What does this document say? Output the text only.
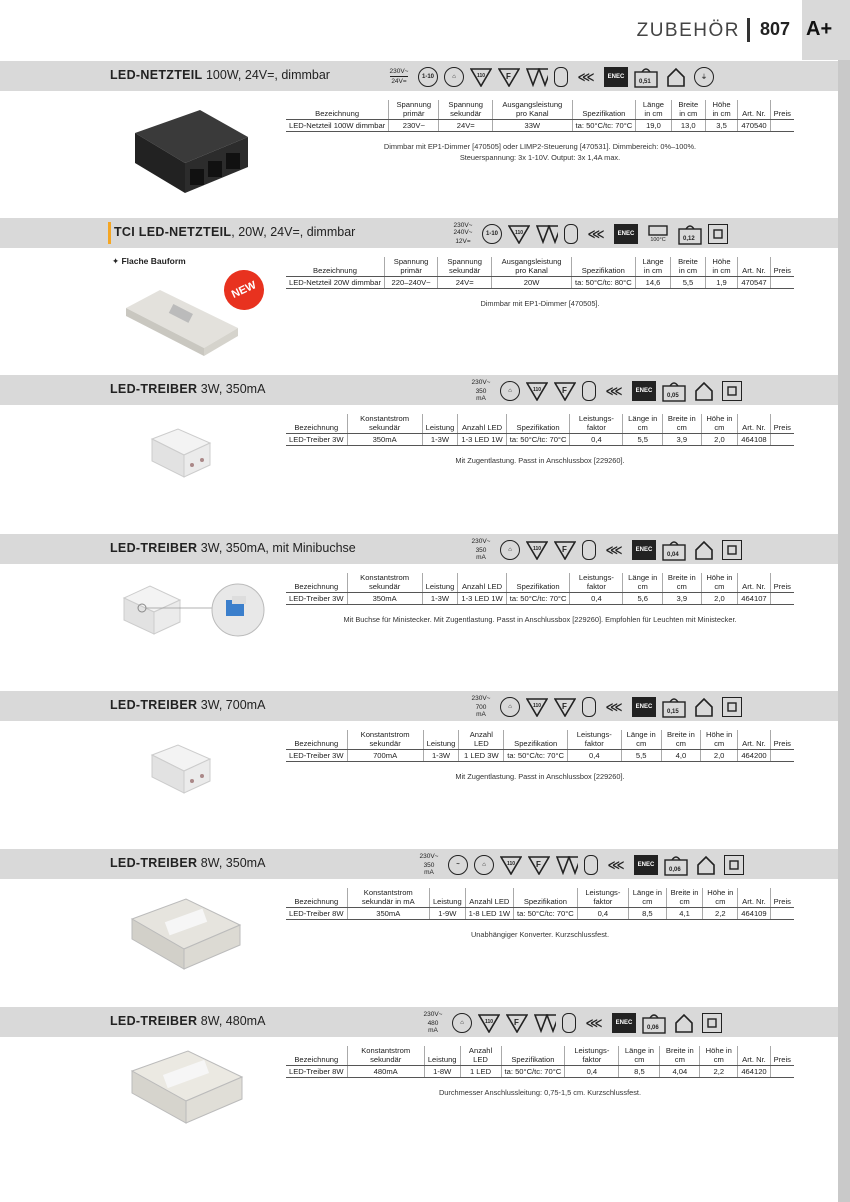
ZUBEHÖR 807 A+
LED-NETZTEIL 100W, 24V=, dimmbar	230V~
24V=
1-10	⌂	110	F	⋘	ENEC
0,51
⏚
Bezeichnung	Spannung primär	Spannung sekundär	Ausgangsleistung pro Kanal	Spezifikation	Länge in cm	Breite in cm	Höhe in cm	Art. Nr.	Preis
LED-Netzteil 100W dimmbar	230V~	24V=	33W	ta: 50°C/tc: 70°C	19,0	13,0	3,5	470540	
Dimmbar mit EP1-Dimmer [470505] oder LIMP2-Steuerung [470531]. Dimmbereich: 0%–100%.
Steuerspannung: 3x 1-10V. Output: 3x 1,4A max.
TCI LED-NETZTEIL, 20W, 24V=, dimmbar	230V~
240V~
12V=
1-10	110	⋘	ENEC
100°C	0,12
✦ Flache Bauform
NEW
Bezeichnung	Spannung primär	Spannung sekundär	Ausgangsleistung pro Kanal	Spezifikation	Länge in cm	Breite in cm	Höhe in cm	Art. Nr.	Preis
LED-Netzteil 20W dimmbar	220–240V~	24V=	20W	ta: 50°C/tc: 80°C	14,6	5,5	1,9	470547	
Dimmbar mit EP1-Dimmer [470505].
LED-TREIBER 3W, 350mA	230V~
350
mA
⌂	110	F	⋘	ENEC
0,05
Bezeichnung	Konstantstrom sekundär	Leistung	Anzahl LED	Spezifikation	Leistungs-faktor	Länge in cm	Breite in cm	Höhe in cm	Art. Nr.	Preis
LED-Treiber 3W	350mA	1-3W	1-3 LED 1W	ta: 50°C/tc: 70°C	0,4	5,5	3,9	2,0	464108	
Mit Zugentlastung. Passt in Anschlussbox [229260].
LED-TREIBER 3W, 350mA, mit Minibuchse	230V~
350
mA
⌂	110	F	⋘	ENEC
0,04
Bezeichnung	Konstantstrom sekundär	Leistung	Anzahl LED	Spezifikation	Leistungs-faktor	Länge in cm	Breite in cm	Höhe in cm	Art. Nr.	Preis
LED-Treiber 3W	350mA	1-3W	1-3 LED 1W	ta: 50°C/tc: 70°C	0,4	5,6	3,9	2,0	464107	
Mit Buchse für Ministecker. Mit Zugentlastung. Passt in Anschlussbox [229260]. Empfohlen für Leuchten mit Ministecker.
LED-TREIBER 3W, 700mA	230V~
700
mA
⌂	110	F	⋘	ENEC
0,15
Bezeichnung	Konstantstrom sekundär	Leistung	Anzahl LED	Spezifikation	Leistungs-faktor	Länge in cm	Breite in cm	Höhe in cm	Art. Nr.	Preis
LED-Treiber 3W	700mA	1-3W	1 LED 3W	ta: 50°C/tc: 70°C	0,4	5,5	4,0	2,0	464200	
Mit Zugentlastung. Passt in Anschlussbox [229260].
LED-TREIBER 8W, 350mA	230V~
350
mA
~	⌂	110	F	⋘	ENEC
0,06
Bezeichnung	Konstantstrom sekundär in mA	Leistung	Anzahl LED	Spezifikation	Leistungs-faktor	Länge in cm	Breite in cm	Höhe in cm	Art. Nr.	Preis
LED-Treiber 8W	350mA	1-9W	1-8 LED 1W	ta: 50°C/tc: 70°C	0,4	8,5	4,1	2,2	464109	
Unabhängiger Konverter. Kurzschlussfest.
LED-TREIBER 8W, 480mA	230V~
480
mA
⌂	110	F	⋘	ENEC
0,06
Bezeichnung	Konstantstrom sekundär	Leistung	Anzahl LED	Spezifikation	Leistungs-faktor	Länge in cm	Breite in cm	Höhe in cm	Art. Nr.	Preis
LED-Treiber 8W	480mA	1-8W	1 LED	ta: 50°C/tc: 70°C	0,4	8,5	4,04	2,2	464120	
Durchmesser Anschlussleitung: 0,75-1,5 cm. Kurzschlussfest.
